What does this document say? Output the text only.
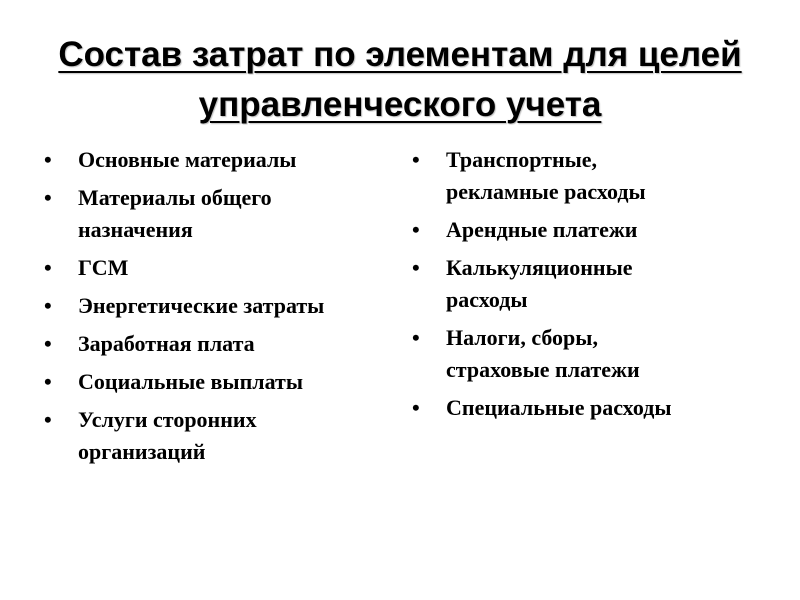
Состав затрат по элементам для целей
управленческого учета
•	Основные материалы
•	Материалы общего
назначения
•	ГСМ
•	Энергетические затраты
•	Заработная плата
•	Социальные выплаты
•	Услуги сторонних
организаций
•	Транспортные,
рекламные расходы
•	Арендные платежи
•	Калькуляционные
расходы
•	Налоги, сборы,
страховые платежи
•	Специальные расходы
